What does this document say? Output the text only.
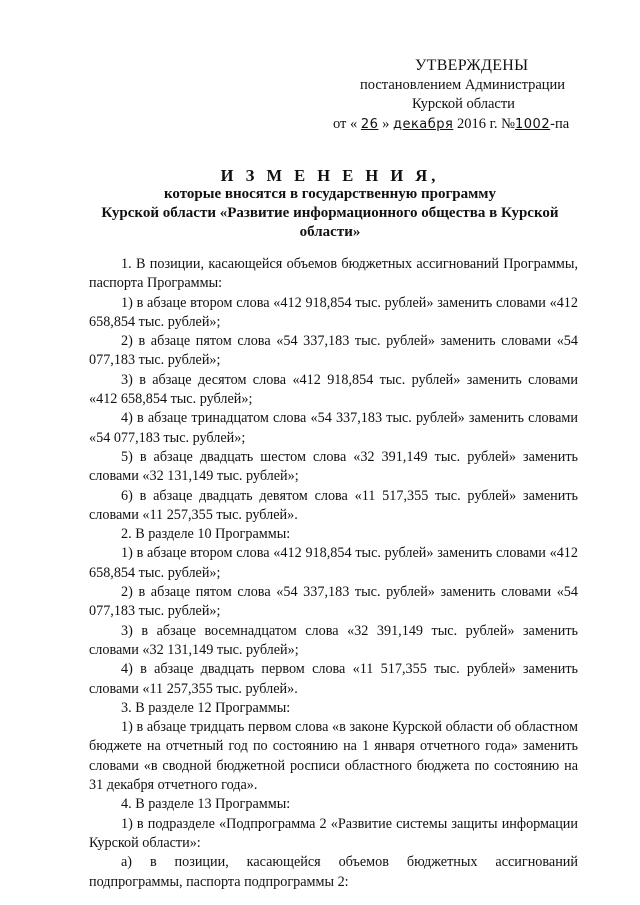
УТВЕРЖДЕНЫ
постановлением Администрации
Курской области
от « 26 » декабря 2016 г. №1002-па
И З М Е Н Е Н И Я,
которые вносятся в государственную программу
Курской области «Развитие информационного общества в Курской области»

1. В позиции, касающейся объемов бюджетных ассигнований Программы, паспорта Программы:

1) в абзаце втором слова «412 918,854 тыс. рублей» заменить словами «412 658,854 тыс. рублей»;

2) в абзаце пятом слова «54 337,183 тыс. рублей» заменить словами «54 077,183 тыс. рублей»;

3) в абзаце десятом слова «412 918,854 тыс. рублей» заменить словами «412 658,854 тыс. рублей»;

4) в абзаце тринадцатом слова «54 337,183 тыс. рублей» заменить словами «54 077,183 тыс. рублей»;

5) в абзаце двадцать шестом слова «32 391,149 тыс. рублей» заменить словами «32 131,149 тыс. рублей»;

6) в абзаце двадцать девятом слова «11 517,355 тыс. рублей» заменить словами «11 257,355 тыс. рублей».

2. В разделе 10 Программы:

1) в абзаце втором слова «412 918,854 тыс. рублей» заменить словами «412 658,854 тыс. рублей»;

2) в абзаце пятом слова «54 337,183 тыс. рублей» заменить словами «54 077,183 тыс. рублей»;

3) в абзаце восемнадцатом слова «32 391,149 тыс. рублей» заменить словами «32 131,149 тыс. рублей»;

4) в абзаце двадцать первом слова «11 517,355 тыс. рублей» заменить словами «11 257,355 тыс. рублей».

3. В разделе 12 Программы:

1) в абзаце тридцать первом слова «в законе Курской области об областном бюджете на отчетный год по состоянию на 1 января отчетного года» заменить словами «в сводной бюджетной росписи областного бюджета по состоянию на 31 декабря отчетного года».

4. В разделе 13 Программы:

1) в подразделе «Подпрограмма 2 «Развитие системы защиты информации Курской области»:

а) в позиции, касающейся объемов бюджетных ассигнований подпрограммы, паспорта подпрограммы 2:
